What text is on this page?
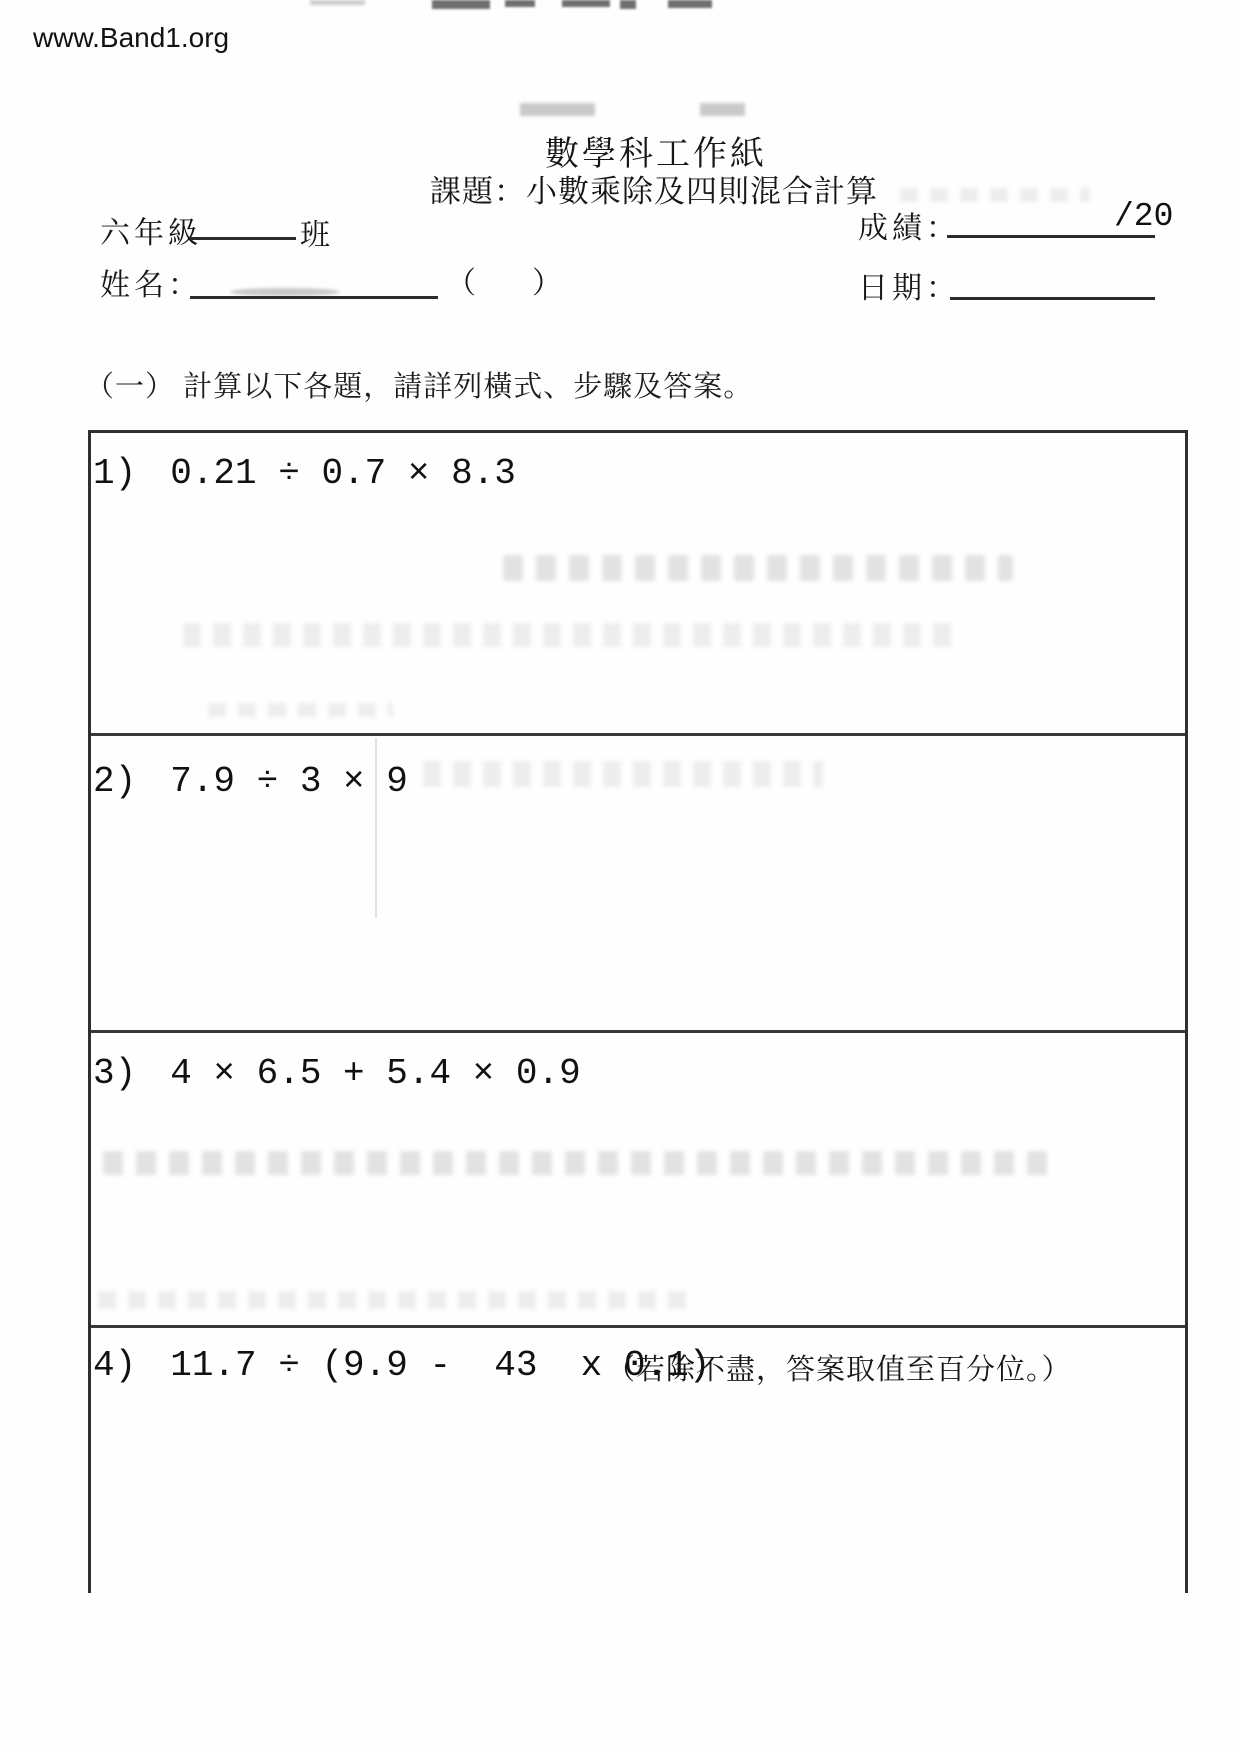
www.Band1.org
數學科工作紙
課題：小數乘除及四則混合計算
六年級	班	成績：	/20
姓名：	（ ）	日期：
（一） 計算以下各題，請詳列橫式、步驟及答案。
1) 0.21 ÷ 0.7 × 8.3
2) 7.9 ÷ 3 × 9
3) 4 × 6.5 + 5.4 × 0.9
4) 11.7 ÷ (9.9 -  43  x 0.1)
（若除不盡，答案取值至百分位。）
